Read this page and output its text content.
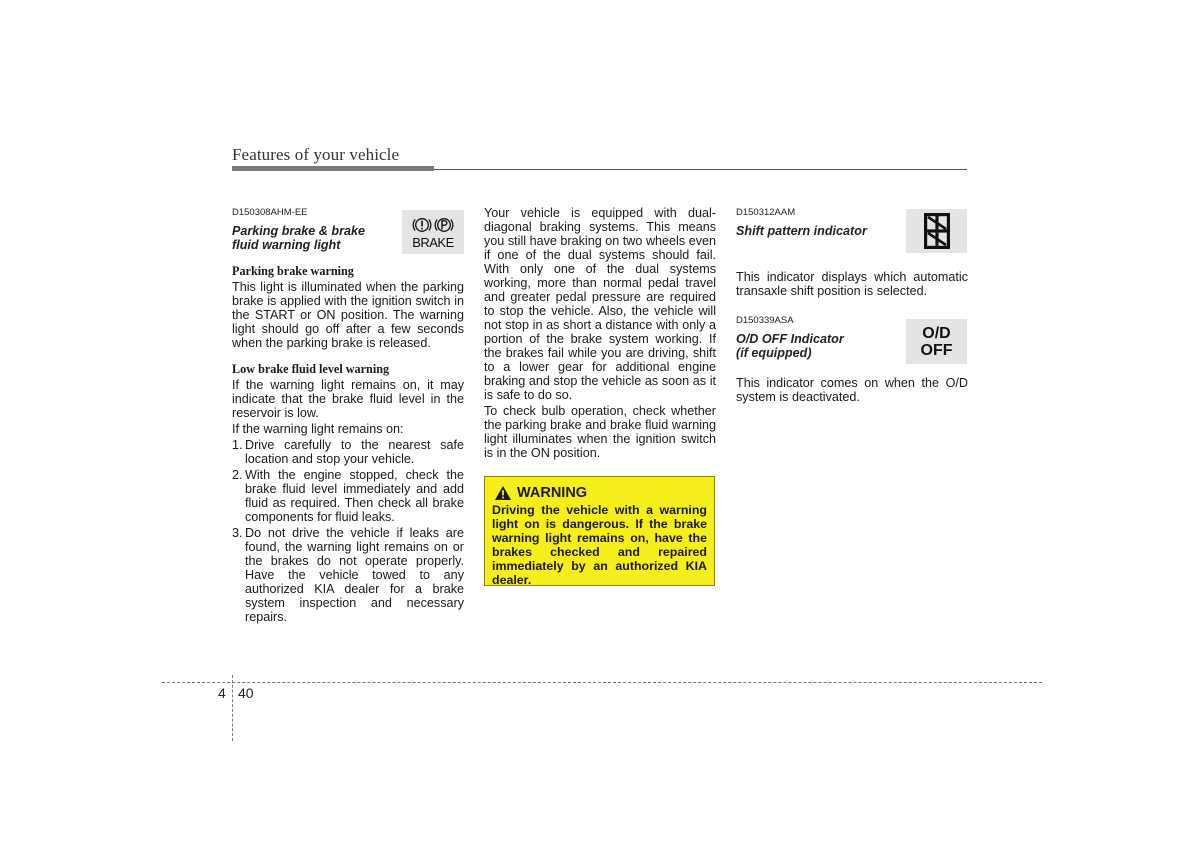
Features of your vehicle
D150308AHM-EE
Parking brake & brake
fluid warning light
Parking brake warning

This light is illuminated when the parking brake is applied with the ignition switch in the START or ON position. The warning light should go off after a few seconds when the parking brake is released.

Low brake fluid level warning

If the warning light remains on, it may indicate that the brake fluid level in the reservoir is low.

If the warning light remains on:

1. Drive carefully to the nearest safe location and stop your vehicle.
2. With the engine stopped, check the brake fluid level immediately and add fluid as required. Then check all brake components for fluid leaks.
3. Do not drive the vehicle if leaks are found, the warning light remains on or the brakes do not operate properly. Have the vehicle towed to any authorized KIA dealer for a brake system inspection and necessary repairs.
BRAKE

Your vehicle is equipped with dual-diagonal braking systems. This means you still have braking on two wheels even if one of the dual systems should fail. With only one of the dual systems working, more than normal pedal travel and greater pedal pressure are required to stop the vehicle. Also, the vehicle will not stop in as short a distance with only a portion of the brake system working. If the brakes fail while you are driving, shift to a lower gear for additional engine braking and stop the vehicle as soon as it is safe to do so.

To check bulb operation, check whether the parking brake and brake fluid warning light illuminates when the ignition switch is in the ON position.

WARNING
Driving the vehicle with a warning light on is dangerous. If the brake warning light remains on, have the brakes checked and repaired immediately by an authorized KIA dealer.
D150312AAM
Shift pattern indicator

This indicator displays which automatic transaxle shift position is selected.

D150339ASA
O/D OFF Indicator
(if equipped)

This indicator comes on when the O/D system is deactivated.

O/D
OFF
4 40
